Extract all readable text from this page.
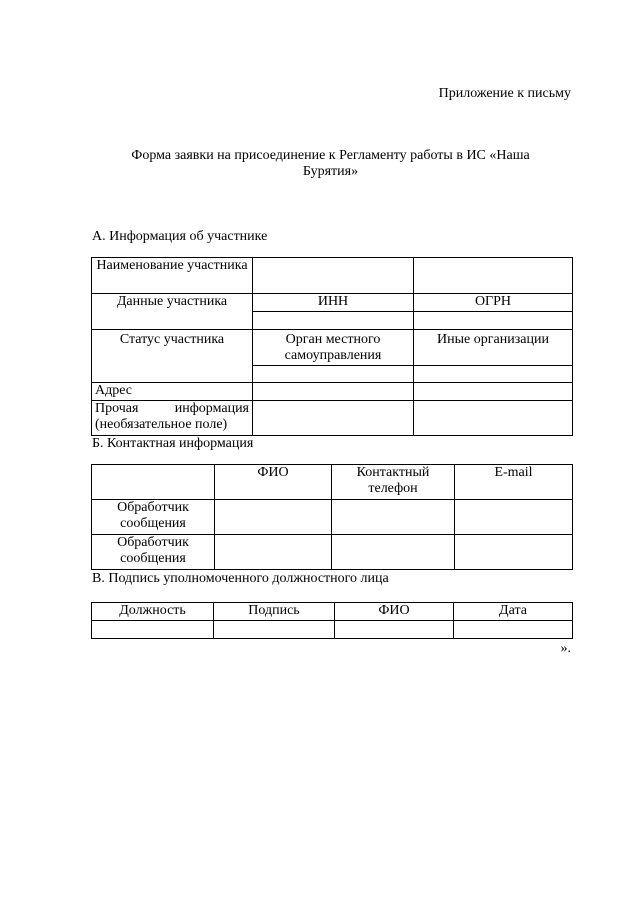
Приложение к письму
Форма заявки на присоединение к Регламенту работы в ИС «Наша
Бурятия»
А. Информация об участнике
Наименование участника		
Данные участника	ИНН	ОГРН

Статус участника	Орган местного самоуправления	Иные организации

Адрес		

Прочая информация
(необязательное поле)		

Б. Контактная информация
	ФИО	Контактный телефон	E-mail
Обработчик сообщения			
Обработчик сообщения			
В. Подпись уполномоченного должностного лица
Должность	Подпись	ФИО	Дата

».
